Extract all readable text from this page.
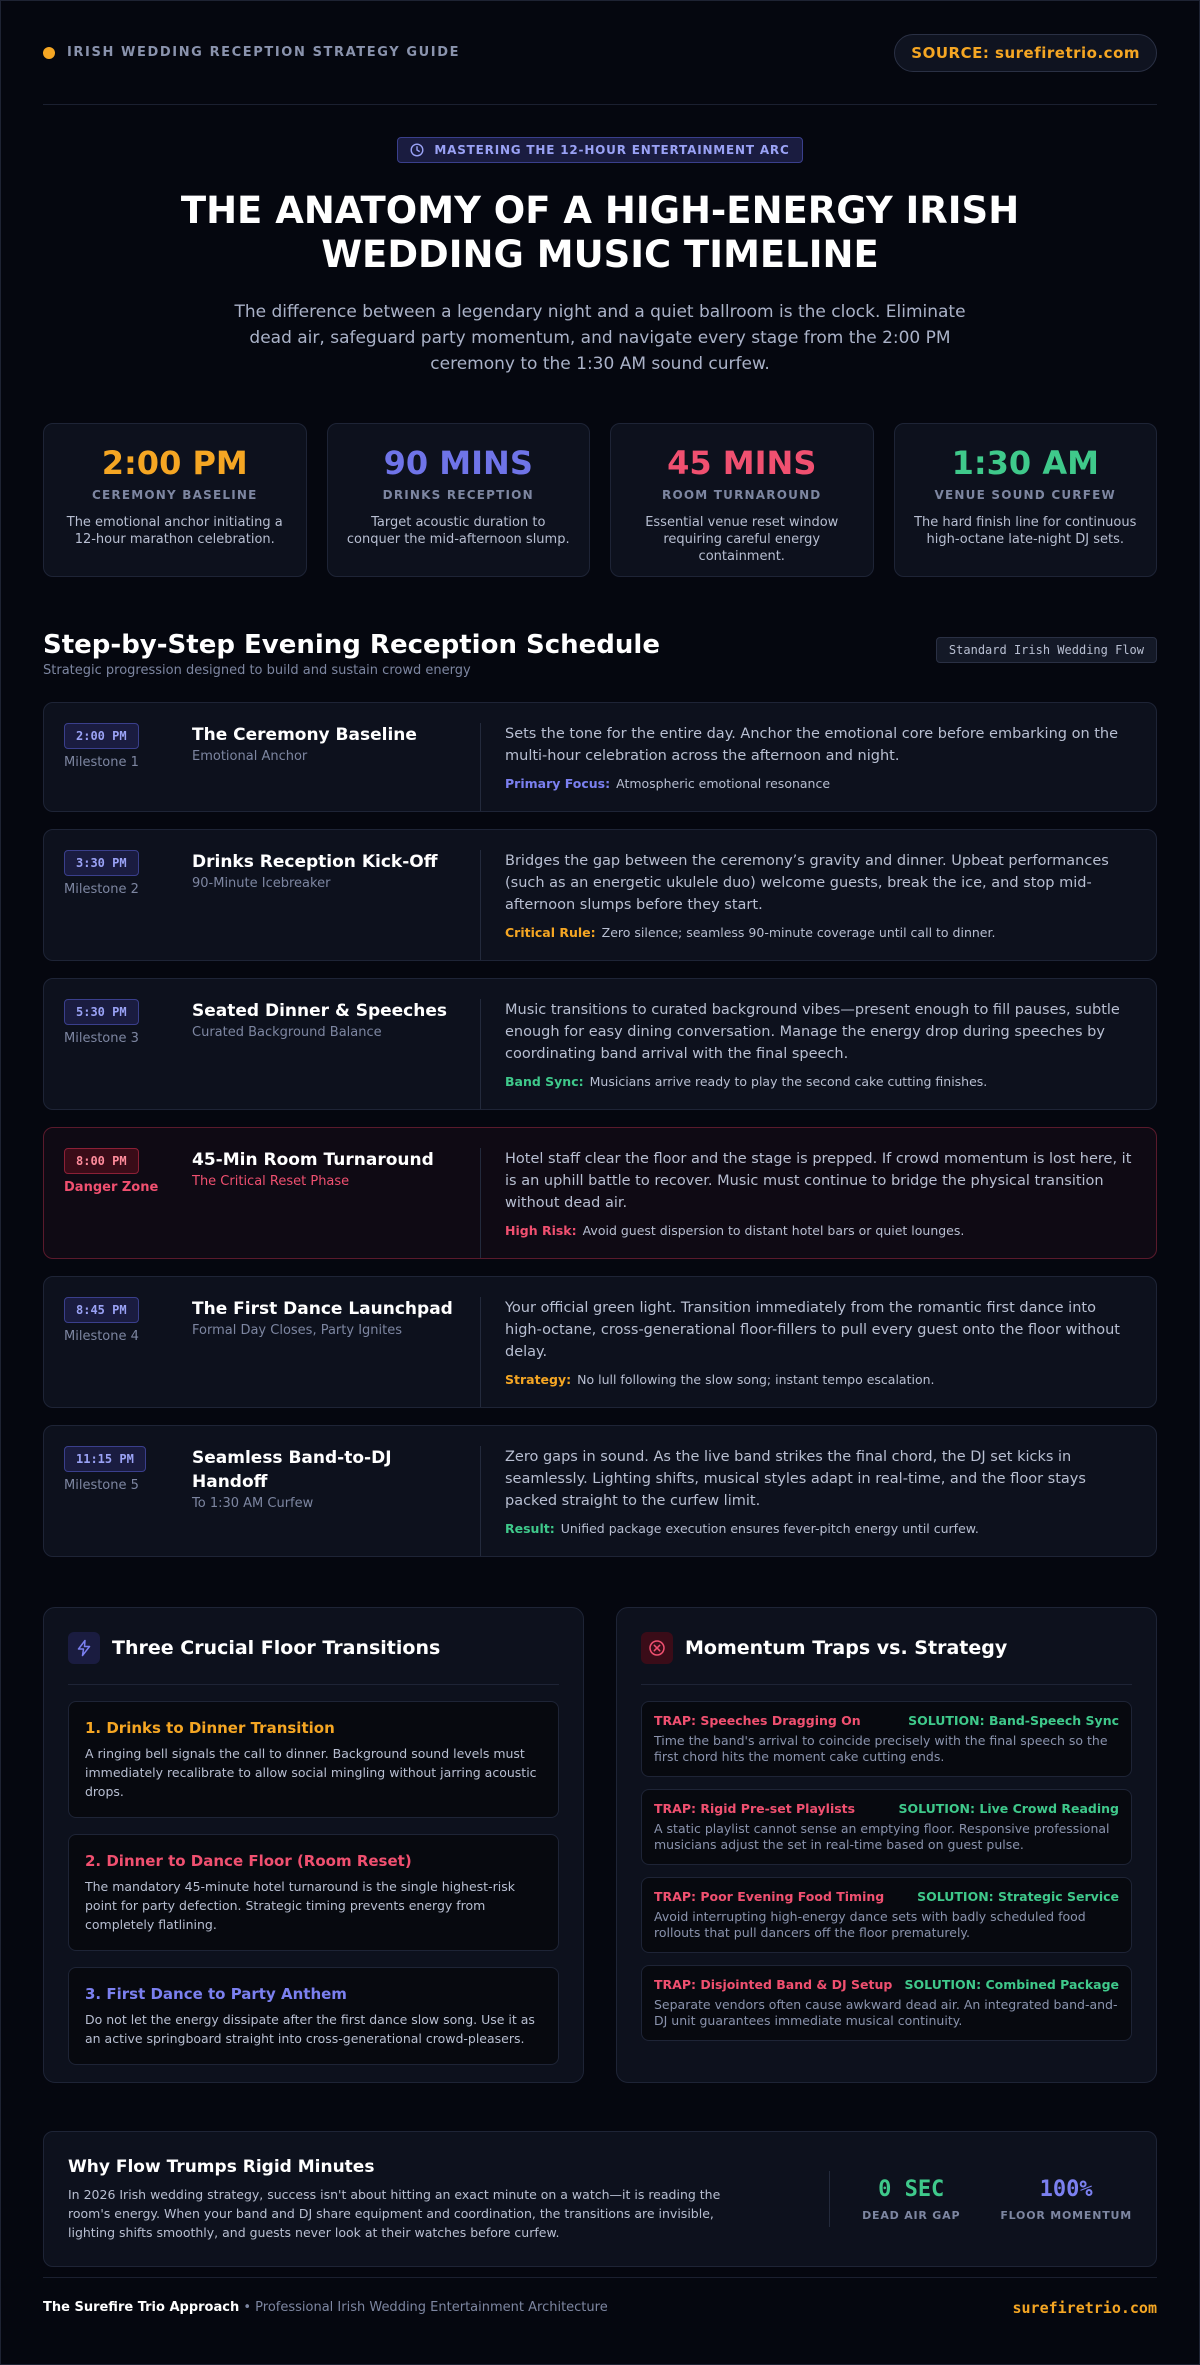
IRISH WEDDING RECEPTION STRATEGY GUIDE	SOURCE: surefiretrio.com
MASTERING THE 12-HOUR ENTERTAINMENT ARC
THE ANATOMY OF A HIGH-ENERGY IRISH WEDDING MUSIC TIMELINE

The difference between a legendary night and a quiet ballroom is the clock. Eliminate dead air, safeguard party momentum, and navigate every stage from the 2:00 PM ceremony to the 1:30 AM sound curfew.

2:00 PM
CEREMONY BASELINE
The emotional anchor initiating a 12-hour marathon celebration.
90 MINS
DRINKS RECEPTION
Target acoustic duration to conquer the mid-afternoon slump.
45 MINS
ROOM TURNAROUND
Essential venue reset window requiring careful energy containment.
1:30 AM
VENUE SOUND CURFEW
The hard finish line for continuous high-octane late-night DJ sets.
Step-by-Step Evening Reception Schedule
Strategic progression designed to build and sustain crowd energy
Standard Irish Wedding Flow
2:00 PM
Milestone 1
The Ceremony Baseline
Emotional Anchor
Sets the tone for the entire day. Anchor the emotional core before embarking on the multi-hour celebration across the afternoon and night.
Primary Focus: Atmospheric emotional resonance
3:30 PM
Milestone 2
Drinks Reception Kick-Off
90-Minute Icebreaker
Bridges the gap between the ceremony’s gravity and dinner. Upbeat performances (such as an energetic ukulele duo) welcome guests, break the ice, and stop mid-afternoon slumps before they start.
Critical Rule: Zero silence; seamless 90-minute coverage until call to dinner.
5:30 PM
Milestone 3
Seated Dinner & Speeches
Curated Background Balance
Music transitions to curated background vibes—present enough to fill pauses, subtle enough for easy dining conversation. Manage the energy drop during speeches by coordinating band arrival with the final speech.
Band Sync: Musicians arrive ready to play the second cake cutting finishes.
8:00 PM
Danger Zone
45-Min Room Turnaround
The Critical Reset Phase
Hotel staff clear the floor and the stage is prepped. If crowd momentum is lost here, it is an uphill battle to recover. Music must continue to bridge the physical transition without dead air.
High Risk: Avoid guest dispersion to distant hotel bars or quiet lounges.
8:45 PM
Milestone 4
The First Dance Launchpad
Formal Day Closes, Party Ignites
Your official green light. Transition immediately from the romantic first dance into high-octane, cross-generational floor-fillers to pull every guest onto the floor without delay.
Strategy: No lull following the slow song; instant tempo escalation.
11:15 PM
Milestone 5
Seamless Band-to-DJ Handoff
To 1:30 AM Curfew
Zero gaps in sound. As the live band strikes the final chord, the DJ set kicks in seamlessly. Lighting shifts, musical styles adapt in real-time, and the floor stays packed straight to the curfew limit.
Result: Unified package execution ensures fever-pitch energy until curfew.
Three Crucial Floor Transitions
1. Drinks to Dinner Transition
A ringing bell signals the call to dinner. Background sound levels must immediately recalibrate to allow social mingling without jarring acoustic drops.
2. Dinner to Dance Floor (Room Reset)
The mandatory 45-minute hotel turnaround is the single highest-risk point for party defection. Strategic timing prevents energy from completely flatlining.
3. First Dance to Party Anthem
Do not let the energy dissipate after the first dance slow song. Use it as an active springboard straight into cross-generational crowd-pleasers.
Momentum Traps vs. Strategy
TRAP: Speeches Dragging On	SOLUTION: Band-Speech Sync
Time the band's arrival to coincide precisely with the final speech so the first chord hits the moment cake cutting ends.
TRAP: Rigid Pre-set Playlists	SOLUTION: Live Crowd Reading
A static playlist cannot sense an emptying floor. Responsive professional musicians adjust the set in real-time based on guest pulse.
TRAP: Poor Evening Food Timing	SOLUTION: Strategic Service
Avoid interrupting high-energy dance sets with badly scheduled food rollouts that pull dancers off the floor prematurely.
TRAP: Disjointed Band & DJ Setup SOLUTION: Combined Package
Separate vendors often cause awkward dead air. An integrated band-and-DJ unit guarantees immediate musical continuity.
Why Flow Trumps Rigid Minutes
In 2026 Irish wedding strategy, success isn't about hitting an exact minute on a watch—it is reading the room's energy. When your band and DJ share equipment and coordination, the transitions are invisible, lighting shifts smoothly, and guests never look at their watches before curfew.
0 SEC
DEAD AIR GAP
100%
FLOOR MOMENTUM
The Surefire Trio Approach • Professional Irish Wedding Entertainment Architecture	surefiretrio.com
